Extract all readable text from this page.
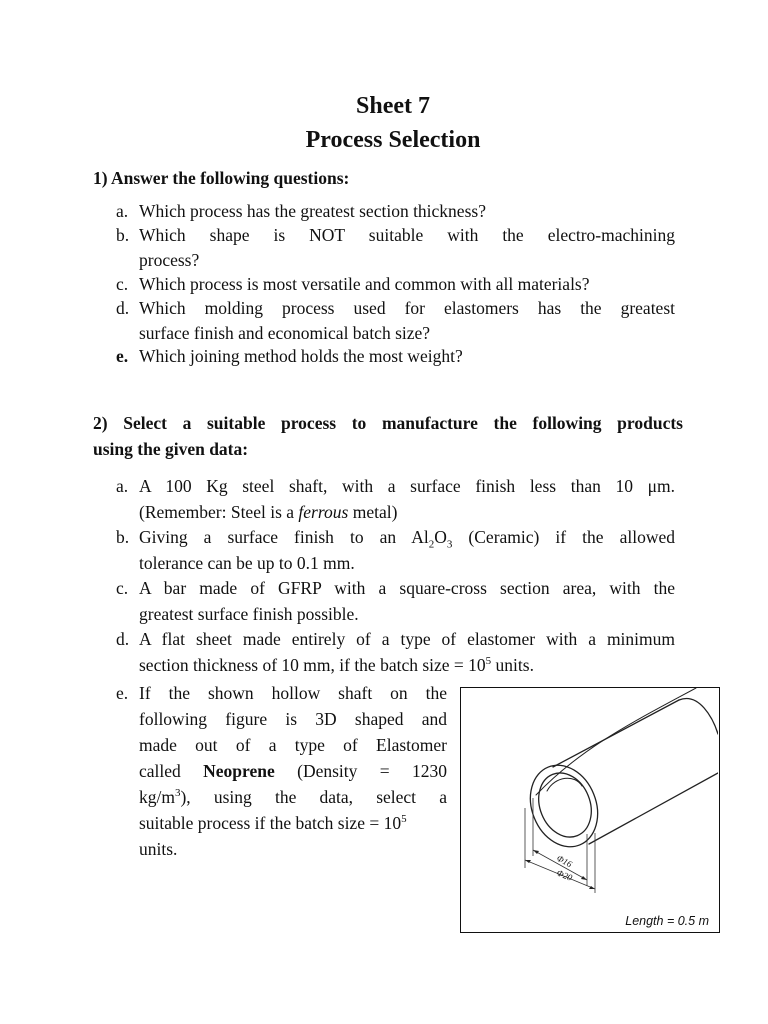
Sheet 7
Process Selection
1) Answer the following questions:
a. Which process has the greatest section thickness?
b. Which shape is NOT suitable with the electro-machining
process?
c. Which process is most versatile and common with all materials?
d. Which molding process used for elastomers has the greatest
surface finish and economical batch size?
e. Which joining method holds the most weight?
2) Select a suitable process to manufacture the following products
using the given data:
a. A 100 Kg steel shaft, with a surface finish less than 10 μm.
(Remember: Steel is a ferrous metal)
b. Giving a surface finish to an $Al_2O_3$ (Ceramic) if the allowed
tolerance can be up to 0.1 mm.
c. A bar made of GFRP with a square-cross section area, with the
greatest surface finish possible.
d. A flat sheet made entirely of a type of elastomer with a minimum
section thickness of 10 mm, if the batch size = $10^5$ units.
e. If the shown hollow shaft on the
following figure is 3D shaped and
made out of a type of Elastomer
called Neoprene (Density = 1230
$kg/m^3$), using the data, select a
suitable process if the batch size = $10^5$
units.
Φ16
Φ20
Length = 0.5 m
